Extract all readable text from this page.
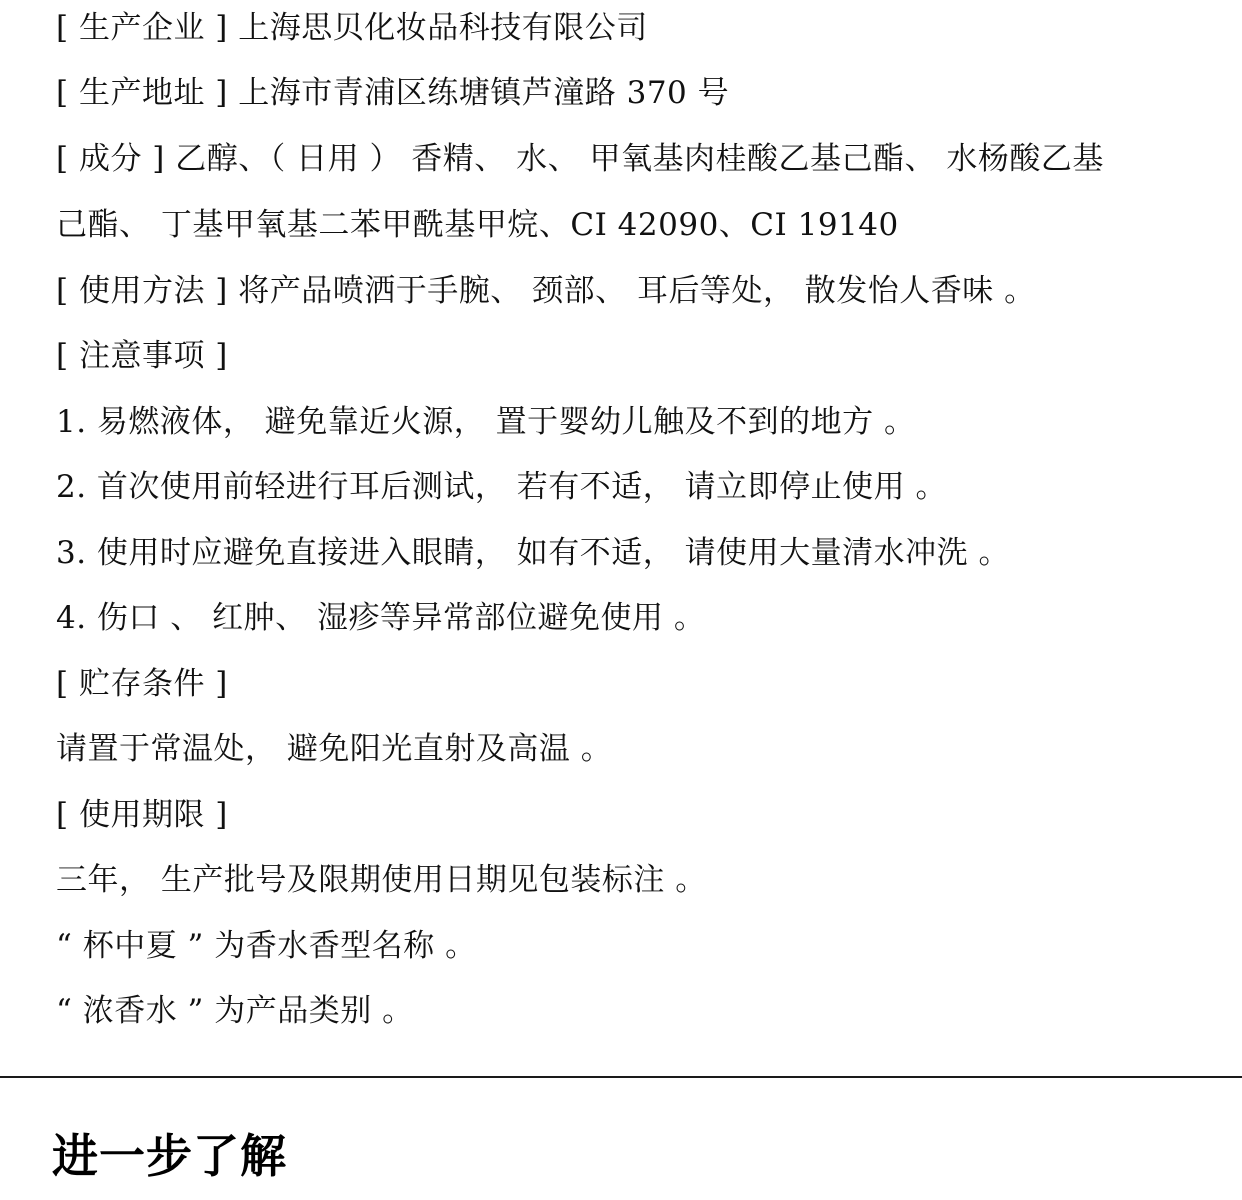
[ 生产企业 ] 上海思贝化妆品科技有限公司
[ 生产地址 ] 上海市青浦区练塘镇芦潼路 370 号
[ 成分 ] 乙醇、（ 日用 ） 香精、 水、 甲氧基肉桂酸乙基己酯、 水杨酸乙基
己酯、 丁基甲氧基二苯甲酰基甲烷、CI 42090、CI 19140
[ 使用方法 ] 将产品喷洒于手腕、 颈部、 耳后等处， 散发怡人香味 。
[ 注意事项 ]
1. 易燃液体， 避免靠近火源， 置于婴幼儿触及不到的地方 。
2. 首次使用前轻进行耳后测试， 若有不适， 请立即停止使用 。
3. 使用时应避免直接进入眼睛， 如有不适， 请使用大量清水冲洗 。
4. 伤口 、 红肿、 湿疹等异常部位避免使用 。
[ 贮存条件 ]
请置于常温处， 避免阳光直射及高温 。
[ 使用期限 ]
三年， 生产批号及限期使用日期见包装标注 。
“ 杯中夏 ” 为香水香型名称 。
“ 浓香水 ” 为产品类别 。
进一步了解
